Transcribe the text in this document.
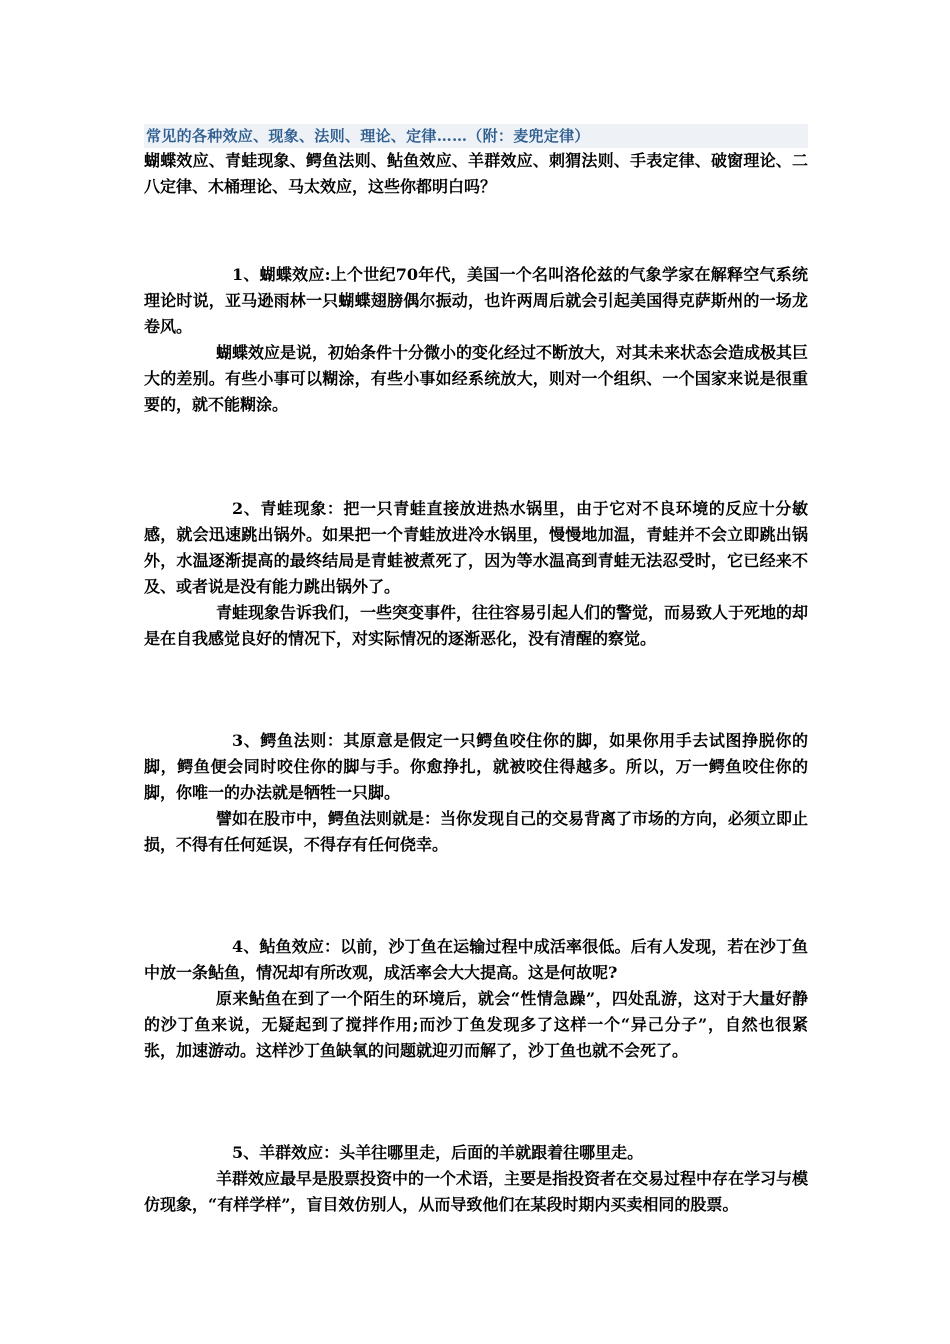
常见的各种效应、现象、法则、理论、定律……（附：麦兜定律）
蝴蝶效应、青蛙现象、鳄鱼法则、鲇鱼效应、羊群效应、刺猬法则、手表定律、破窗理论、二八定律、木桶理论、马太效应，这些你都明白吗？

1、蝴蝶效应:上个世纪70年代，美国一个名叫洛伦兹的气象学家在解释空气系统理论时说，亚马逊雨林一只蝴蝶翅膀偶尔振动，也许两周后就会引起美国得克萨斯州的一场龙卷风。

蝴蝶效应是说，初始条件十分微小的变化经过不断放大，对其未来状态会造成极其巨大的差别。有些小事可以糊涂，有些小事如经系统放大，则对一个组织、一个国家来说是很重要的，就不能糊涂。

2、青蛙现象：把一只青蛙直接放进热水锅里，由于它对不良环境的反应十分敏感，就会迅速跳出锅外。如果把一个青蛙放进冷水锅里，慢慢地加温，青蛙并不会立即跳出锅外，水温逐渐提高的最终结局是青蛙被煮死了，因为等水温高到青蛙无法忍受时，它已经来不及、或者说是没有能力跳出锅外了。

青蛙现象告诉我们，一些突变事件，往往容易引起人们的警觉，而易致人于死地的却是在自我感觉良好的情况下，对实际情况的逐渐恶化，没有清醒的察觉。

3、鳄鱼法则：其原意是假定一只鳄鱼咬住你的脚，如果你用手去试图挣脱你的脚，鳄鱼便会同时咬住你的脚与手。你愈挣扎，就被咬住得越多。所以，万一鳄鱼咬住你的脚，你唯一的办法就是牺牲一只脚。

譬如在股市中，鳄鱼法则就是：当你发现自己的交易背离了市场的方向，必须立即止损，不得有任何延误，不得存有任何侥幸。

4、鲇鱼效应：以前，沙丁鱼在运输过程中成活率很低。后有人发现，若在沙丁鱼中放一条鲇鱼，情况却有所改观，成活率会大大提高。这是何故呢?

原来鲇鱼在到了一个陌生的环境后，就会“性情急躁”，四处乱游，这对于大量好静的沙丁鱼来说，无疑起到了搅拌作用;而沙丁鱼发现多了这样一个“异己分子”，自然也很紧张，加速游动。这样沙丁鱼缺氧的问题就迎刃而解了，沙丁鱼也就不会死了。

5、羊群效应：头羊往哪里走，后面的羊就跟着往哪里走。

羊群效应最早是股票投资中的一个术语，主要是指投资者在交易过程中存在学习与模仿现象，“有样学样”，盲目效仿别人，从而导致他们在某段时期内买卖相同的股票。
